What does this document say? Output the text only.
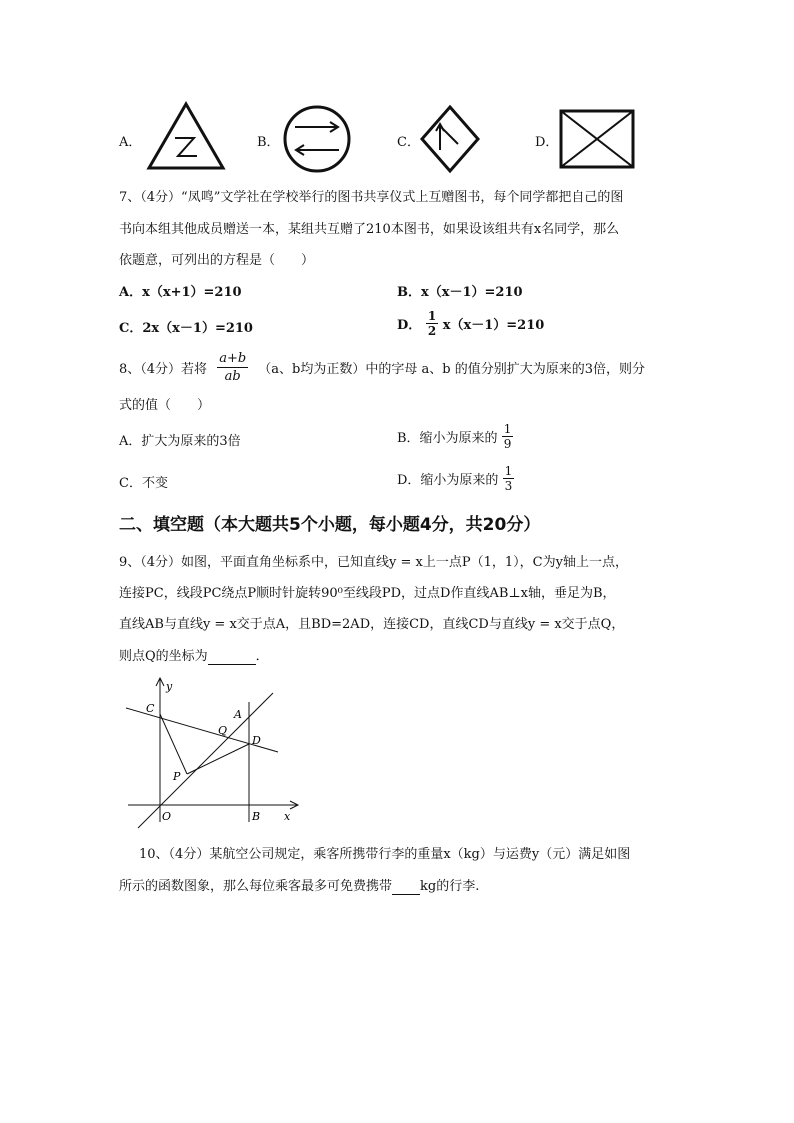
A．	B．	C．	D．
7、（4分）“凤鸣”文学社在学校举行的图书共享仪式上互赠图书，每个同学都把自己的图
书向本组其他成员赠送一本，某组共互赠了210本图书，如果设该组共有x名同学，那么
依题意，可列出的方程是（　　）
A．x（x+1）=210	B．x（x－1）=210
C．2x（x－1）=210	D． $\frac{1}{2} x(x-1)=210$
8、（4分）若将 $\frac{a+b}{ab} (a$、b均为正数）中的字母 a、b 的值分别扩大为原来的3倍，则分
式的值（　　）
A．扩大为原来的3倍	B．缩小为原来的 $\frac{1}{9}$
C．不变	D．缩小为原来的 $\frac{1}{3}$
二、填空题（本大题共5个小题，每小题4分，共20分）
9、（4分）如图，平面直角坐标系中，已知直线y = x上一点P（1，1），C为y轴上一点，
连接PC，线段PC绕点P顺时针旋转90⁰至线段PD，过点D作直线AB⊥x轴，垂足为B，
直线AB与直线y = x交于点A，且BD=2AD，连接CD，直线CD与直线y = x交于点Q，
则点Q的坐标为	．
y
x
C	A
Q
D
P
O	B
10、（4分）某航空公司规定，乘客所携带行李的重量x（kg）与运费y（元）满足如图
所示的函数图象，那么每位乘客最多可免费携带 kg的行李.
